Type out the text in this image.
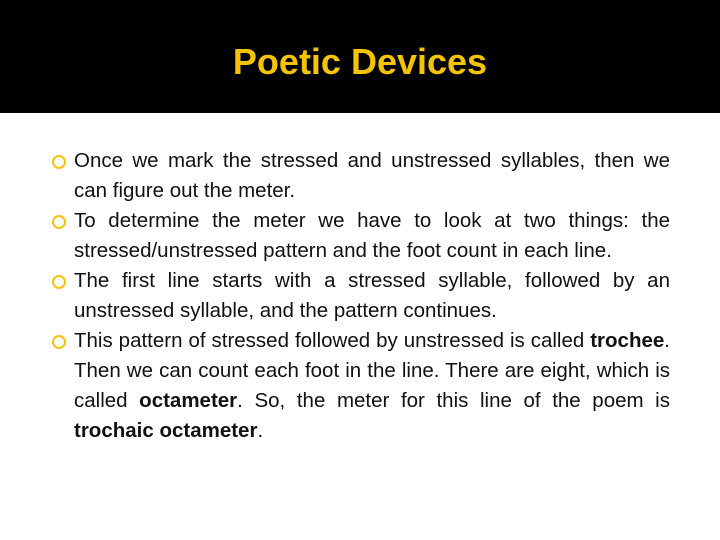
Poetic Devices
Once we mark the stressed and unstressed syllables, then we can figure out the meter.
To determine the meter we have to look at two things: the stressed/unstressed pattern and the foot count in each line.
The first line starts with a stressed syllable, followed by an unstressed syllable, and the pattern continues.
This pattern of stressed followed by unstressed is called trochee. Then we can count each foot in the line. There are eight, which is called octameter. So, the meter for this line of the poem is trochaic octameter.
